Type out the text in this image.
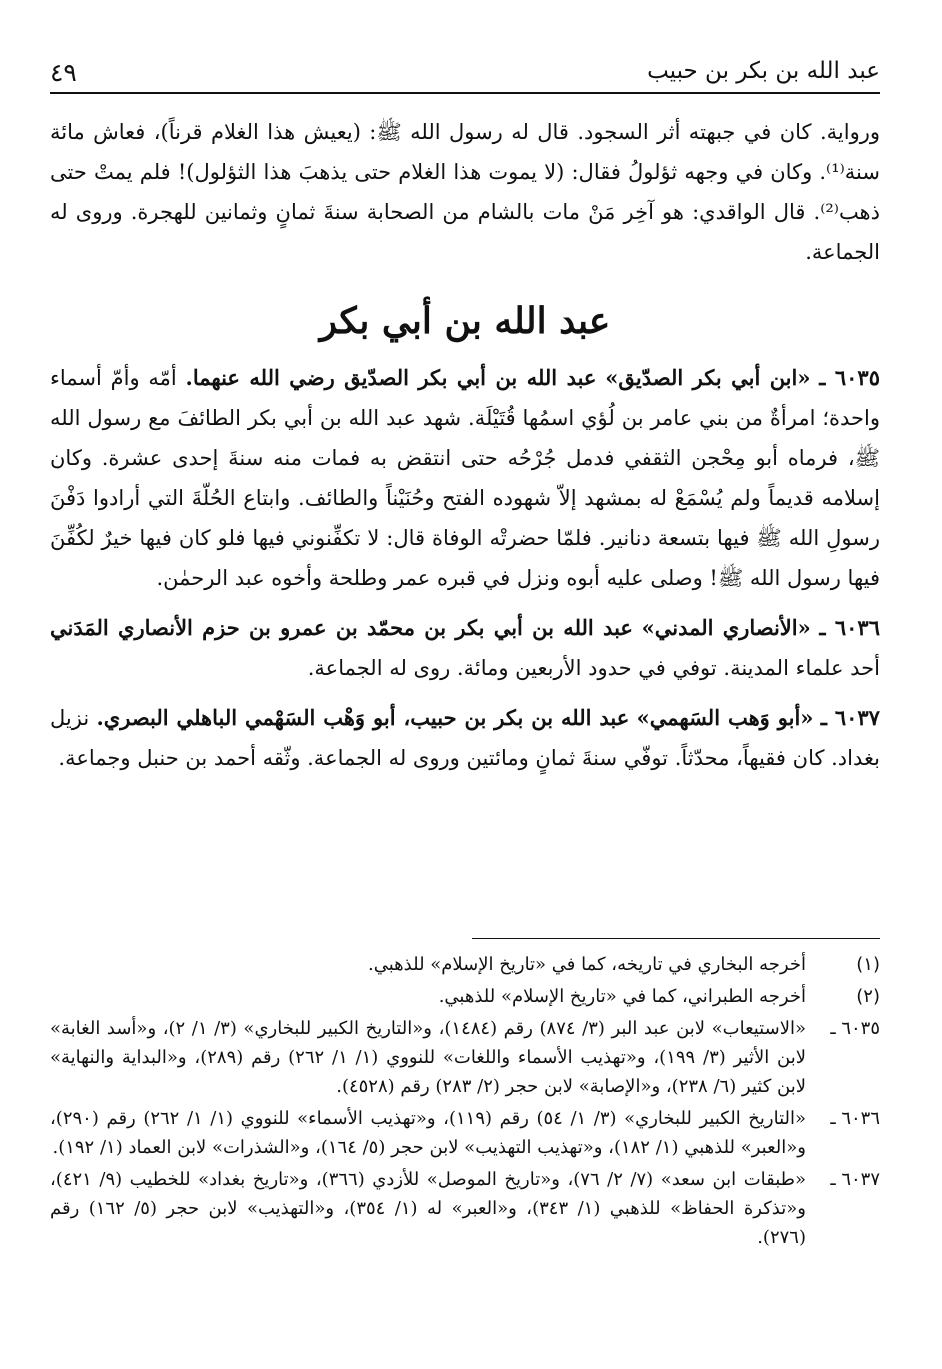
عبد الله بن بكر بن حبيب
٤٩

ورواية. كان في جبهته أثر السجود. قال له رسول الله ﷺ: (يعيش هذا الغلام قرناً)، فعاش مائة سنة⁽¹⁾. وكان في وجهه ثؤلولُ فقال: (لا يموت هذا الغلام حتى يذهبَ هذا الثؤلول)! فلم يمتْ حتى ذهب⁽²⁾. قال الواقدي: هو آخِر مَنْ مات بالشام من الصحابة سنةَ ثمانٍ وثمانين للهجرة. وروى له الجماعة.

عبد الله بن أبي بكر

٦٠٣٥ ـ «ابن أبي بكر الصدّيق» عبد الله بن أبي بكر الصدّيق رضي الله عنهما. أمّه وأمّ أسماء واحدة؛ امرأةٌ من بني عامر بن لُؤي اسمُها قُتَيْلَة. شهد عبد الله بن أبي بكر الطائفَ مع رسول الله ﷺ، فرماه أبو مِحْجن الثقفي فدمل جُرْحُه حتى انتقض به فمات منه سنةَ إحدى عشرة. وكان إسلامه قديماً ولم يُسْمَعْ له بمشهد إلاّ شهوده الفتح وحُنَيْناً والطائف. وابتاع الحُلّةَ التي أرادوا دَفْنَ رسولِ الله ﷺ فيها بتسعة دنانير. فلمّا حضرتْه الوفاة قال: لا تكفِّنوني فيها فلو كان فيها خيرٌ لكُفِّنَ فيها رسول الله ﷺ! وصلى عليه أبوه ونزل في قبره عمر وطلحة وأخوه عبد الرحمٰن.

٦٠٣٦ ـ «الأنصاري المدني» عبد الله بن أبي بكر بن محمّد بن عمرو بن حزم الأنصاري المَدَني أحد علماء المدينة. توفي في حدود الأربعين ومائة. روى له الجماعة.

٦٠٣٧ ـ «أبو وَهب السَهمي» عبد الله بن بكر بن حبيب، أبو وَهْب السَهْمي الباهلي البصري. نزيل بغداد. كان فقيهاً، محدّثاً. توفّي سنةَ ثمانٍ ومائتين وروى له الجماعة. وثّقه أحمد بن حنبل وجماعة.

(١)
أخرجه البخاري في تاريخه، كما في «تاريخ الإسلام» للذهبي.
(٢)
أخرجه الطبراني، كما في «تاريخ الإسلام» للذهبي.
٦٠٣٥ ـ
«الاستيعاب» لابن عبد البر (٣/ ٨٧٤) رقم (١٤٨٤)، و«التاريخ الكبير للبخاري» (٣/ ١/ ٢)، و«أسد الغابة» لابن الأثير (٣/ ١٩٩)، و«تهذيب الأسماء واللغات» للنووي (١/ ١/ ٢٦٢) رقم (٢٨٩)، و«البداية والنهاية» لابن كثير (٦/ ٢٣٨)، و«الإصابة» لابن حجر (٢/ ٢٨٣) رقم (٤٥٢٨).
٦٠٣٦ ـ
«التاريخ الكبير للبخاري» (٣/ ١/ ٥٤) رقم (١١٩)، و«تهذيب الأسماء» للنووي (١/ ١/ ٢٦٢) رقم (٢٩٠)، و«العبر» للذهبي (١/ ١٨٢)، و«تهذيب التهذيب» لابن حجر (٥/ ١٦٤)، و«الشذرات» لابن العماد (١/ ١٩٢).
٦٠٣٧ ـ
«طبقات ابن سعد» (٧/ ٢/ ٧٦)، و«تاريخ الموصل» للأزدي (٣٦٦)، و«تاريخ بغداد» للخطيب (٩/ ٤٢١)، و«تذكرة الحفاظ» للذهبي (١/ ٣٤٣)، و«العبر» له (١/ ٣٥٤)، و«التهذيب» لابن حجر (٥/ ١٦٢) رقم (٢٧٦).
